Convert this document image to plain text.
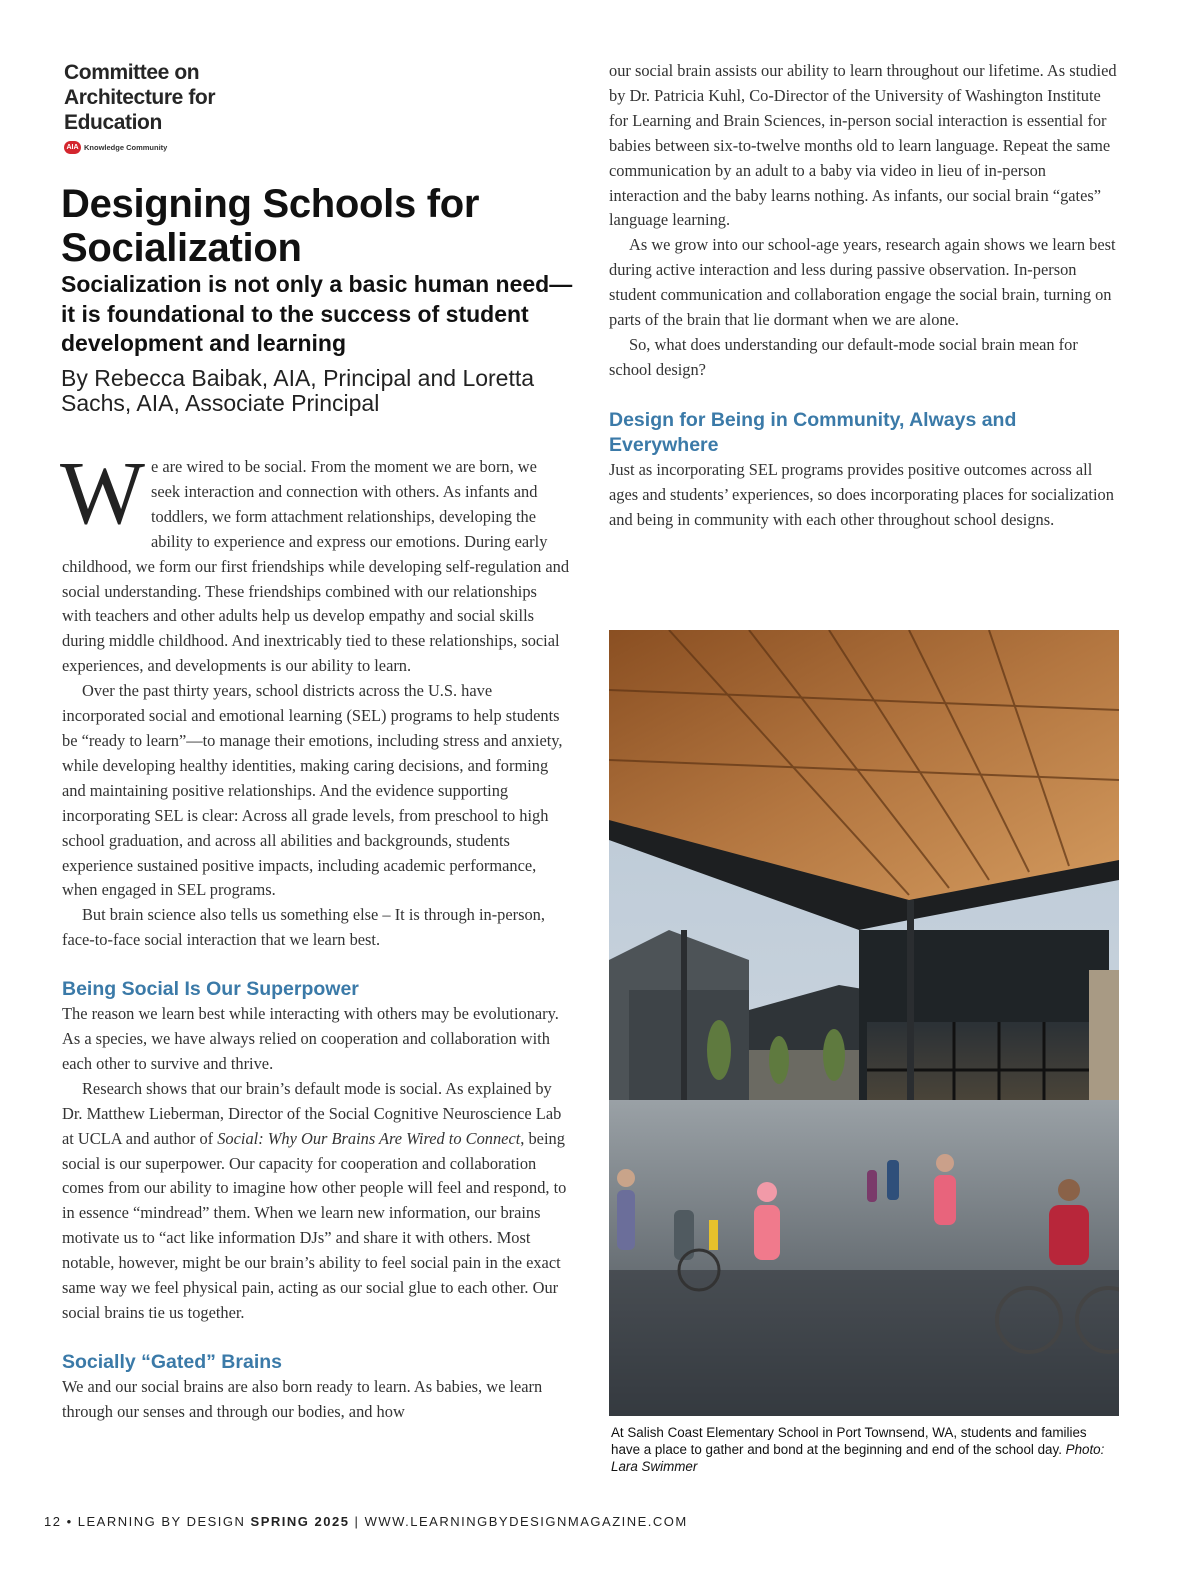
Committee on
Architecture for
Education
AIA Knowledge Community
Designing Schools for Socialization
Socialization is not only a basic human need—it is foundational to the success of student development and learning

By Rebecca Baibak, AIA, Principal and Loretta Sachs, AIA, Associate Principal

We are wired to be social. From the moment we are born, we seek interaction and connection with others. As infants and toddlers, we form attachment relationships, developing the ability to experience and express our emotions. During early childhood, we form our first friendships while developing self-regulation and social understanding. These friendships combined with our relationships with teachers and other adults help us develop empathy and social skills during middle childhood. And inextricably tied to these relationships, social experiences, and developments is our ability to learn.

Over the past thirty years, school districts across the U.S. have incorporated social and emotional learning (SEL) programs to help students be “ready to learn”—to manage their emotions, including stress and anxiety, while developing healthy identities, making caring decisions, and forming and maintaining positive relationships. And the evidence supporting incorporating SEL is clear: Across all grade levels, from preschool to high school graduation, and across all abilities and backgrounds, students experience sustained positive impacts, including academic performance, when engaged in SEL programs.

But brain science also tells us something else – It is through in-person, face-to-face social interaction that we learn best.

Being Social Is Our Superpower

The reason we learn best while interacting with others may be evolutionary. As a species, we have always relied on cooperation and collaboration with each other to survive and thrive.

Research shows that our brain’s default mode is social. As explained by Dr. Matthew Lieberman, Director of the Social Cognitive Neuroscience Lab at UCLA and author of Social: Why Our Brains Are Wired to Connect, being social is our superpower. Our capacity for cooperation and collaboration comes from our ability to imagine how other people will feel and respond, to in essence “mindread” them. When we learn new information, our brains motivate us to “act like information DJs” and share it with others. Most notable, however, might be our brain’s ability to feel social pain in the exact same way we feel physical pain, acting as our social glue to each other. Our social brains tie us together.

Socially “Gated” Brains

We and our social brains are also born ready to learn. As babies, we learn through our senses and through our bodies, and how

our social brain assists our ability to learn throughout our lifetime. As studied by Dr. Patricia Kuhl, Co-Director of the University of Washington Institute for Learning and Brain Sciences, in-person social interaction is essential for babies between six-to-twelve months old to learn language. Repeat the same communication by an adult to a baby via video in lieu of in-person interaction and the baby learns nothing. As infants, our social brain “gates” language learning.

As we grow into our school-age years, research again shows we learn best during active interaction and less during passive observation. In-person student communication and collaboration engage the social brain, turning on parts of the brain that lie dormant when we are alone.

So, what does understanding our default-mode social brain mean for school design?

Design for Being in Community, Always and Everywhere

Just as incorporating SEL programs provides positive outcomes across all ages and students’ experiences, so does incorporating places for socialization and being in community with each other throughout school designs.

At Salish Coast Elementary School in Port Townsend, WA, students and families have a place to gather and bond at the beginning and end of the school day. Photo: Lara Swimmer

12 • LEARNING BY DESIGN SPRING 2025 | WWW.LEARNINGBYDESIGNMAGAZINE.COM
